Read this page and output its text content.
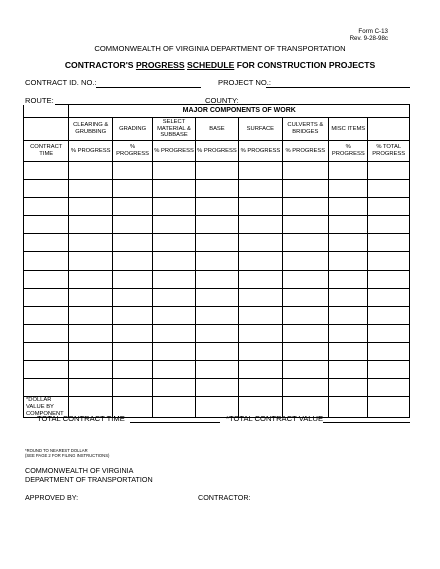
Form C-13
Rev. 9-28-98c
COMMONWEALTH OF VIRGINIA DEPARTMENT OF TRANSPORTATION
CONTRACTOR'S PROGRESS SCHEDULE FOR CONSTRUCTION PROJECTS
CONTRACT ID. NO.:	PROJECT NO.:
ROUTE:	COUNTY:
	MAJOR COMPONENTS OF WORK							
	CLEARING & GRUBBING	GRADING	SELECT MATERIAL & SUBBASE	BASE	SURFACE	CULVERTS & BRIDGES	MISC ITEMS	
CONTRACT TIME	% PROGRESS	% PROGRESS	% PROGRESS	% PROGRESS	% PROGRESS	% PROGRESS	% PROGRESS	% TOTAL PROGRESS

*DOLLAR VALUE BY COMPONENT								
TOTAL CONTRACT TIME	*TOTAL CONTRACT VALUE
*ROUND TO NEAREST DOLLAR
(SEE PAGE 2 FOR FILING INSTRUCTIONS)
COMMONWEALTH OF VIRGINIA
DEPARTMENT OF TRANSPORTATION
APPROVED BY:	CONTRACTOR:
